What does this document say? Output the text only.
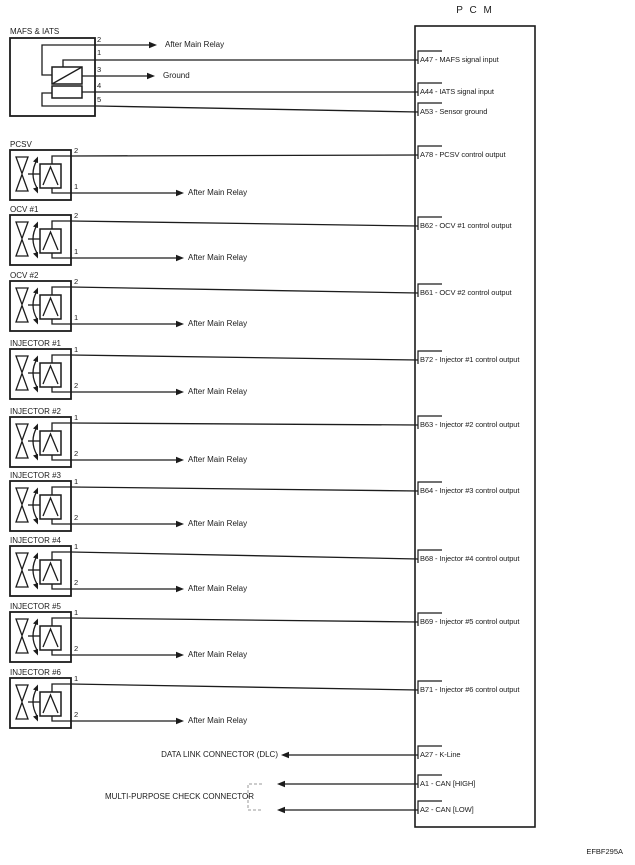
P C M
A47 - MAFS signal input
A44 - IATS signal input
A53 - Sensor ground
A78 - PCSV control output
B62 - OCV #1 control output
B61 - OCV #2 control output
B72 - Injector #1 control output
B63 - Injector #2 control output
B64 - Injector #3 control output
B68 - Injector #4 control output
B69 - Injector #5 control output
B71 - Injector #6 control output
A27 - K-Line
A1 - CAN [HIGH]
A2 - CAN [LOW]
MAFS & IATS
2
1
3
4
5
After Main Relay
Ground
PCSV
2
1
After Main Relay
OCV #1
2
1
After Main Relay
OCV #2
2
1
After Main Relay
INJECTOR #1
1
2
After Main Relay
INJECTOR #2
1
2
After Main Relay
INJECTOR #3
1
2
After Main Relay
INJECTOR #4
1
2
After Main Relay
INJECTOR #5
1
2
After Main Relay
INJECTOR #6
1
2
After Main Relay
DATA LINK CONNECTOR (DLC)
MULTI-PURPOSE CHECK CONNECTOR
EFBF295A
